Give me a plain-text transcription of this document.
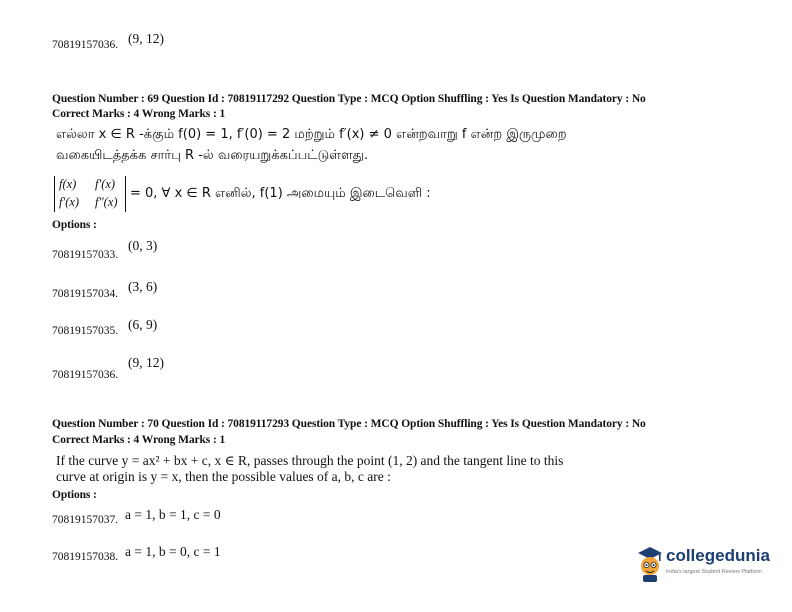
70819157036. (9, 12)
Question Number : 69 Question Id : 70819117292 Question Type : MCQ Option Shuffling : Yes Is Question Mandatory : No
Correct Marks : 4 Wrong Marks : 1
எல்லா x ∈ R -க்கும் f(0) = 1, f′(0) = 2 மற்றும் f′(x) ≠ 0 என்றவாறு f என்ற இருமுறை
வகையிடத்தக்க சார்பு R -ல் வரையறுக்கப்பட்டுள்ளது.
f(x) f′(x)
f′(x) f″(x)
= 0, ∀ x ∈ R எனில், f(1) அமையும் இடைவெளி :
Options :
70819157033.
(0, 3)
70819157034. (3, 6)
70819157035. (6, 9)
70819157036.
(9, 12)
Question Number : 70 Question Id : 70819117293 Question Type : MCQ Option Shuffling : Yes Is Question Mandatory : No
Correct Marks : 4 Wrong Marks : 1
If the curve y = ax² + bx + c, x ∈ R, passes through the point (1, 2) and the tangent line to this
curve at origin is y = x, then the possible values of a, b, c are :
Options :
70819157037. a = 1, b = 1, c = 0
70819157038. a = 1, b = 0, c = 1	collegedunia
India's largest Student Review Platform
